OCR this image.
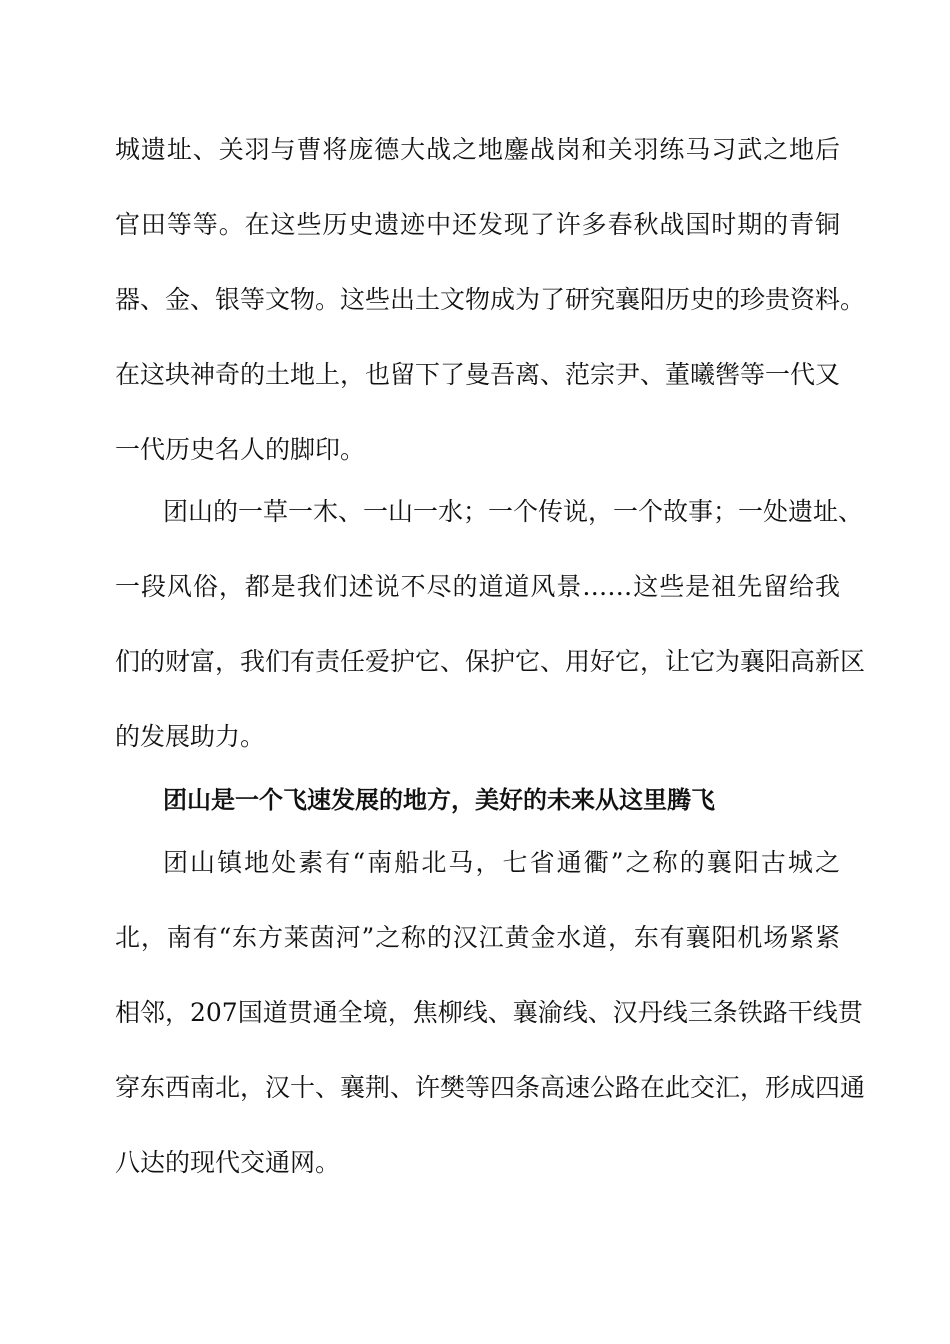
城遗址、关羽与曹将庞德大战之地鏖战岗和关羽练马习武之地后
官田等等。在这些历史遗迹中还发现了许多春秋战国时期的青铜
器、金、银等文物。这些出土文物成为了研究襄阳历史的珍贵资料。
在这块神奇的土地上，也留下了曼吾离、范宗尹、董曦辔等一代又
一代历史名人的脚印。
团山的一草一木、一山一水；一个传说，一个故事；一处遗址、
一段风俗，都是我们述说不尽的道道风景……这些是祖先留给我
们的财富，我们有责任爱护它、保护它、用好它，让它为襄阳高新区
的发展助力。
团山是一个飞速发展的地方，美好的未来从这里腾飞
团山镇地处素有“南船北马，七省通衢”之称的襄阳古城之
北，南有“东方莱茵河”之称的汉江黄金水道，东有襄阳机场紧紧
相邻，207国道贯通全境，焦柳线、襄渝线、汉丹线三条铁路干线贯
穿东西南北，汉十、襄荆、许樊等四条高速公路在此交汇，形成四通
八达的现代交通网。
